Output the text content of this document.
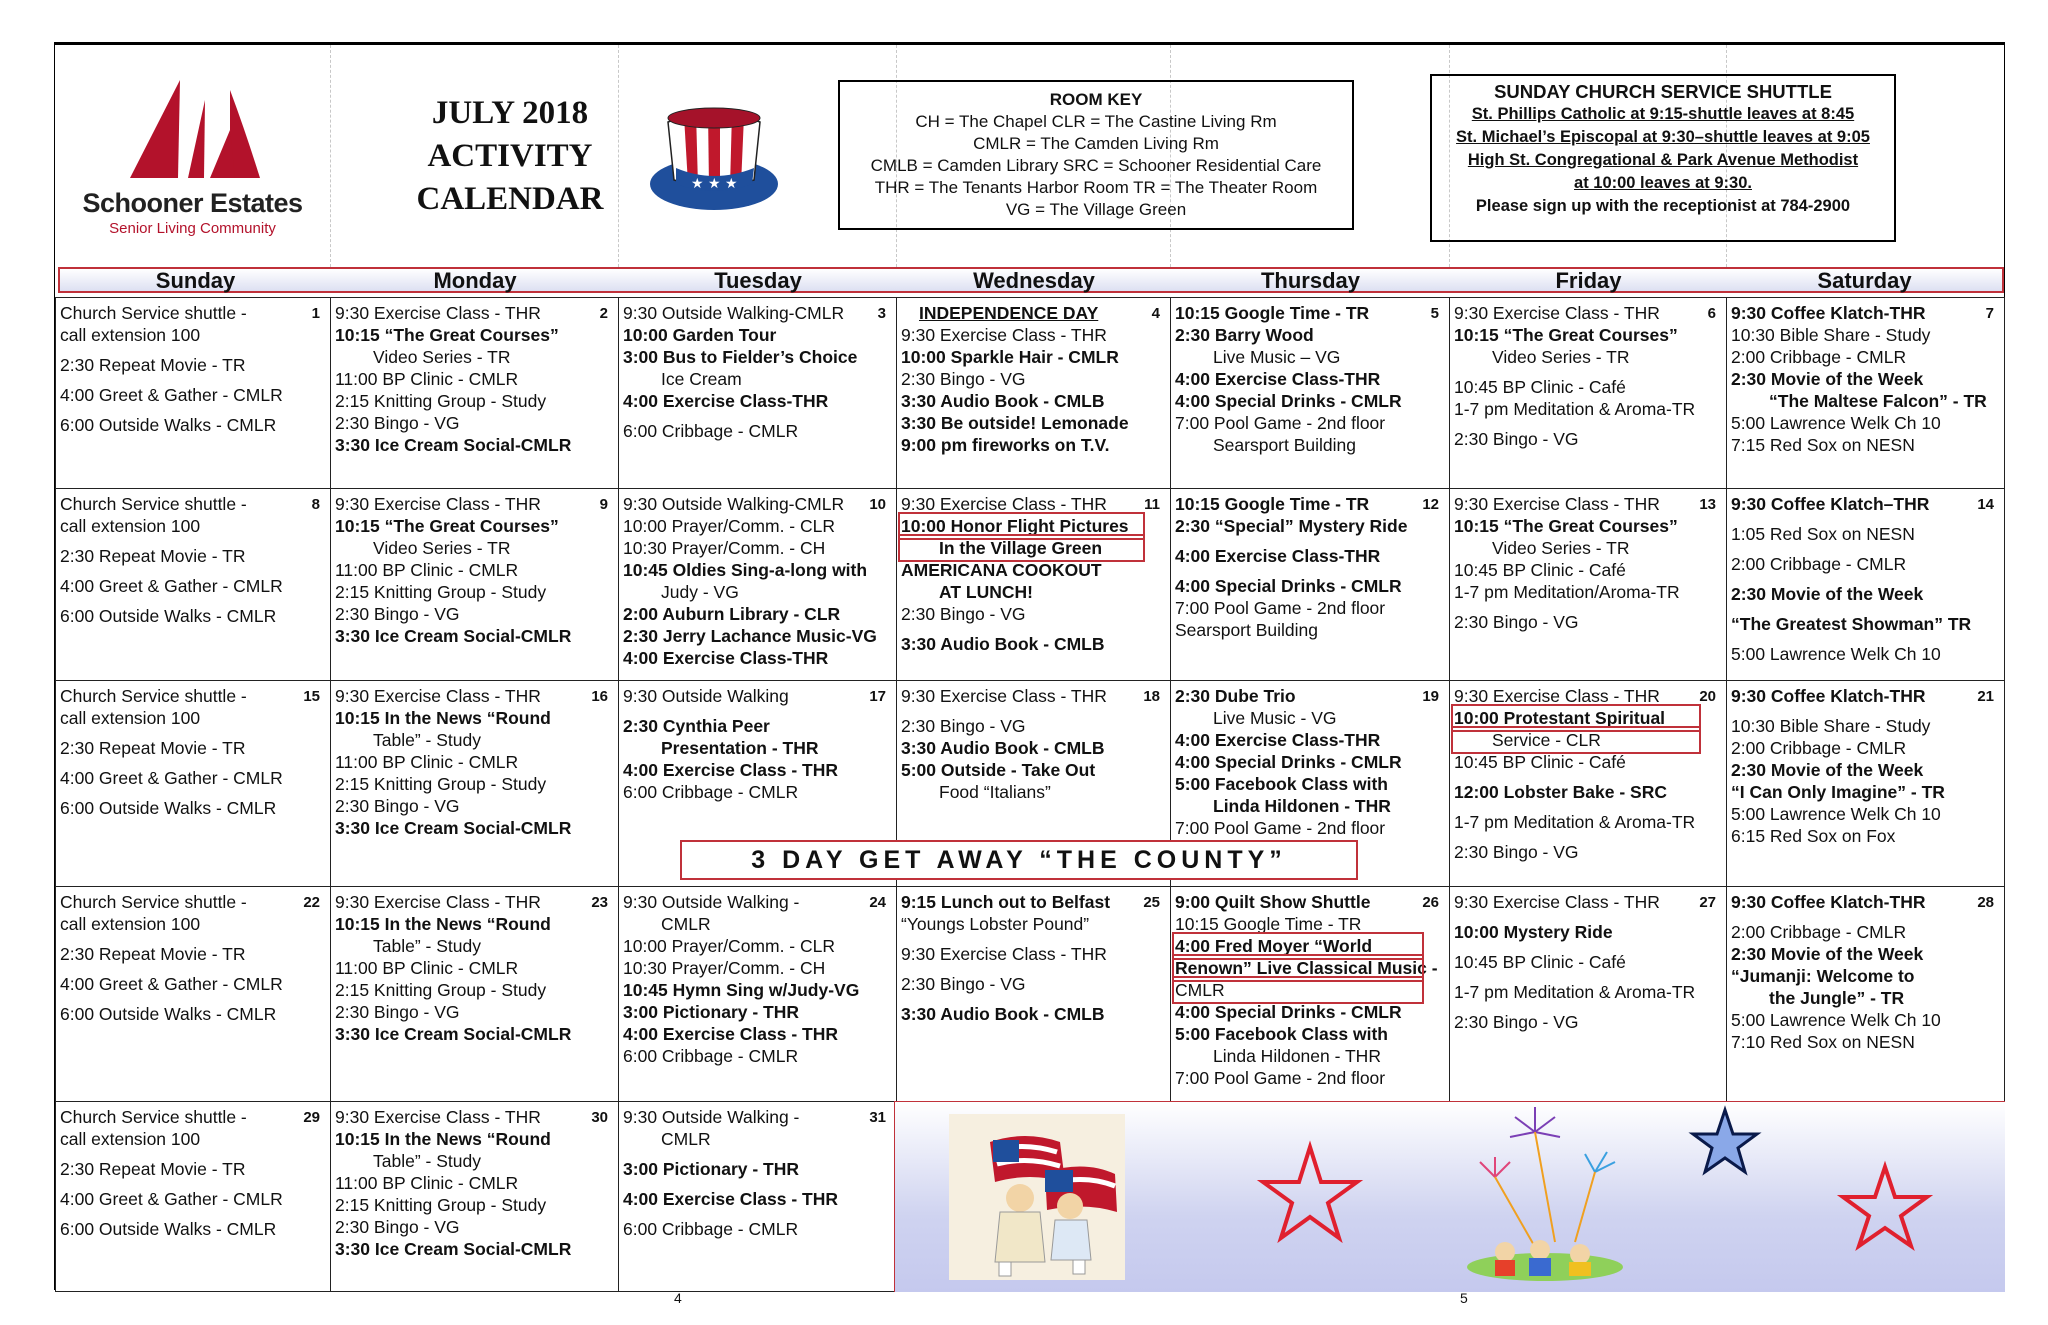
Schooner Estates
Senior Living Community
JULY 2018
ACTIVITY
CALENDAR	★ ★ ★
ROOM KEY
CH = The Chapel CLR = The Castine Living Rm
CMLR = The Camden Living Rm
CMLB = Camden Library SRC = Schooner Residential Care
THR = The Tenants Harbor Room TR = The Theater Room
VG = The Village Green
SUNDAY CHURCH SERVICE SHUTTLE
St. Phillips Catholic at 9:15-shuttle leaves at 8:45
St. Michael’s Episcopal at 9:30–shuttle leaves at 9:05
High St. Congregational & Park Avenue Methodist
at 10:00 leaves at 9:30.
Please sign up with the receptionist at 784-2900
Sunday	Monday	Tuesday	Wednesday	Thursday	Friday	Saturday
1
Church Service shuttle -
call extension 100
2:30 Repeat Movie - TR
4:00 Greet & Gather - CMLR
6:00 Outside Walks - CMLR
2
9:30 Exercise Class - THR
10:15 “The Great Courses”
Video Series - TR
11:00 BP Clinic - CMLR
2:15 Knitting Group - Study
2:30 Bingo - VG
3:30 Ice Cream Social-CMLR
3
9:30 Outside Walking-CMLR
10:00 Garden Tour
3:00 Bus to Fielder’s Choice
Ice Cream
4:00 Exercise Class-THR
6:00 Cribbage - CMLR
4
INDEPENDENCE DAY
9:30 Exercise Class - THR
10:00 Sparkle Hair - CMLR
2:30 Bingo - VG
3:30 Audio Book - CMLB
3:30 Be outside! Lemonade
9:00 pm fireworks on T.V.
5
10:15 Google Time - TR
2:30 Barry Wood
Live Music – VG
4:00 Exercise Class-THR
4:00 Special Drinks - CMLR
7:00 Pool Game - 2nd floor
Searsport Building
6
9:30 Exercise Class - THR
10:15 “The Great Courses”
Video Series - TR
10:45 BP Clinic - Café
1-7 pm Meditation & Aroma-TR
2:30 Bingo - VG
7
9:30 Coffee Klatch-THR
10:30 Bible Share - Study
2:00 Cribbage - CMLR
2:30 Movie of the Week
“The Maltese Falcon” - TR
5:00 Lawrence Welk Ch 10
7:15 Red Sox on NESN
8
Church Service shuttle -
call extension 100
2:30 Repeat Movie - TR
4:00 Greet & Gather - CMLR
6:00 Outside Walks - CMLR
9
9:30 Exercise Class - THR
10:15 “The Great Courses”
Video Series - TR
11:00 BP Clinic - CMLR
2:15 Knitting Group - Study
2:30 Bingo - VG
3:30 Ice Cream Social-CMLR
10
9:30 Outside Walking-CMLR
10:00 Prayer/Comm. - CLR
10:30 Prayer/Comm. - CH
10:45 Oldies Sing-a-long with
Judy - VG
2:00 Auburn Library - CLR
2:30 Jerry Lachance Music-VG
4:00 Exercise Class-THR
11
9:30 Exercise Class - THR
10:00 Honor Flight Pictures
In the Village Green
AMERICANA COOKOUT
AT LUNCH!
2:30 Bingo - VG
3:30 Audio Book - CMLB
12
10:15 Google Time - TR
2:30 “Special” Mystery Ride
4:00 Exercise Class-THR
4:00 Special Drinks - CMLR
7:00 Pool Game - 2nd floor
Searsport Building
13
9:30 Exercise Class - THR
10:15 “The Great Courses”
Video Series - TR
10:45 BP Clinic - Café
1-7 pm Meditation/Aroma-TR
2:30 Bingo - VG
14
9:30 Coffee Klatch–THR
1:05 Red Sox on NESN
2:00 Cribbage - CMLR
2:30 Movie of the Week
“The Greatest Showman” TR
5:00 Lawrence Welk Ch 10
15
Church Service shuttle -
call extension 100
2:30 Repeat Movie - TR
4:00 Greet & Gather - CMLR
6:00 Outside Walks - CMLR
16
9:30 Exercise Class - THR
10:15 In the News “Round
Table” - Study
11:00 BP Clinic - CMLR
2:15 Knitting Group - Study
2:30 Bingo - VG
3:30 Ice Cream Social-CMLR
17
9:30 Outside Walking
2:30 Cynthia Peer
Presentation - THR
4:00 Exercise Class - THR
6:00 Cribbage - CMLR
18
9:30 Exercise Class - THR
2:30 Bingo - VG
3:30 Audio Book - CMLB
5:00 Outside - Take Out
Food “Italians”
19
2:30 Dube Trio
Live Music - VG
4:00 Exercise Class-THR
4:00 Special Drinks - CMLR
5:00 Facebook Class with
Linda Hildonen - THR
7:00 Pool Game - 2nd floor
20
9:30 Exercise Class - THR
10:00 Protestant Spiritual
Service - CLR
10:45 BP Clinic - Café
12:00 Lobster Bake - SRC
1-7 pm Meditation & Aroma-TR
2:30 Bingo - VG
21
9:30 Coffee Klatch-THR
10:30 Bible Share - Study
2:00 Cribbage - CMLR
2:30 Movie of the Week
“I Can Only Imagine” - TR
5:00 Lawrence Welk Ch 10
6:15 Red Sox on Fox
22
Church Service shuttle -
call extension 100
2:30 Repeat Movie - TR
4:00 Greet & Gather - CMLR
6:00 Outside Walks - CMLR
23
9:30 Exercise Class - THR
10:15 In the News “Round
Table” - Study
11:00 BP Clinic - CMLR
2:15 Knitting Group - Study
2:30 Bingo - VG
3:30 Ice Cream Social-CMLR
24
9:30 Outside Walking -
CMLR
10:00 Prayer/Comm. - CLR
10:30 Prayer/Comm. - CH
10:45 Hymn Sing w/Judy-VG
3:00 Pictionary - THR
4:00 Exercise Class - THR
6:00 Cribbage - CMLR
25
9:15 Lunch out to Belfast
“Youngs Lobster Pound”
9:30 Exercise Class - THR
2:30 Bingo - VG
3:30 Audio Book - CMLB
26
9:00 Quilt Show Shuttle
10:15 Google Time - TR
4:00 Fred Moyer “World
Renown” Live Classical Music -
CMLR
4:00 Special Drinks - CMLR
5:00 Facebook Class with
Linda Hildonen - THR
7:00 Pool Game - 2nd floor
27
9:30 Exercise Class - THR
10:00 Mystery Ride
10:45 BP Clinic - Café
1-7 pm Meditation & Aroma-TR
2:30 Bingo - VG
28
9:30 Coffee Klatch-THR
2:00 Cribbage - CMLR
2:30 Movie of the Week
“Jumanji: Welcome to
the Jungle” - TR
5:00 Lawrence Welk Ch 10
7:10 Red Sox on NESN
29
Church Service shuttle -
call extension 100
2:30 Repeat Movie - TR
4:00 Greet & Gather - CMLR
6:00 Outside Walks - CMLR
30
9:30 Exercise Class - THR
10:15 In the News “Round
Table” - Study
11:00 BP Clinic - CMLR
2:15 Knitting Group - Study
2:30 Bingo - VG
3:30 Ice Cream Social-CMLR
31
9:30 Outside Walking -
CMLR
3:00 Pictionary - THR
4:00 Exercise Class - THR
6:00 Cribbage - CMLR
3 DAY GET AWAY “THE COUNTY”
4	5
